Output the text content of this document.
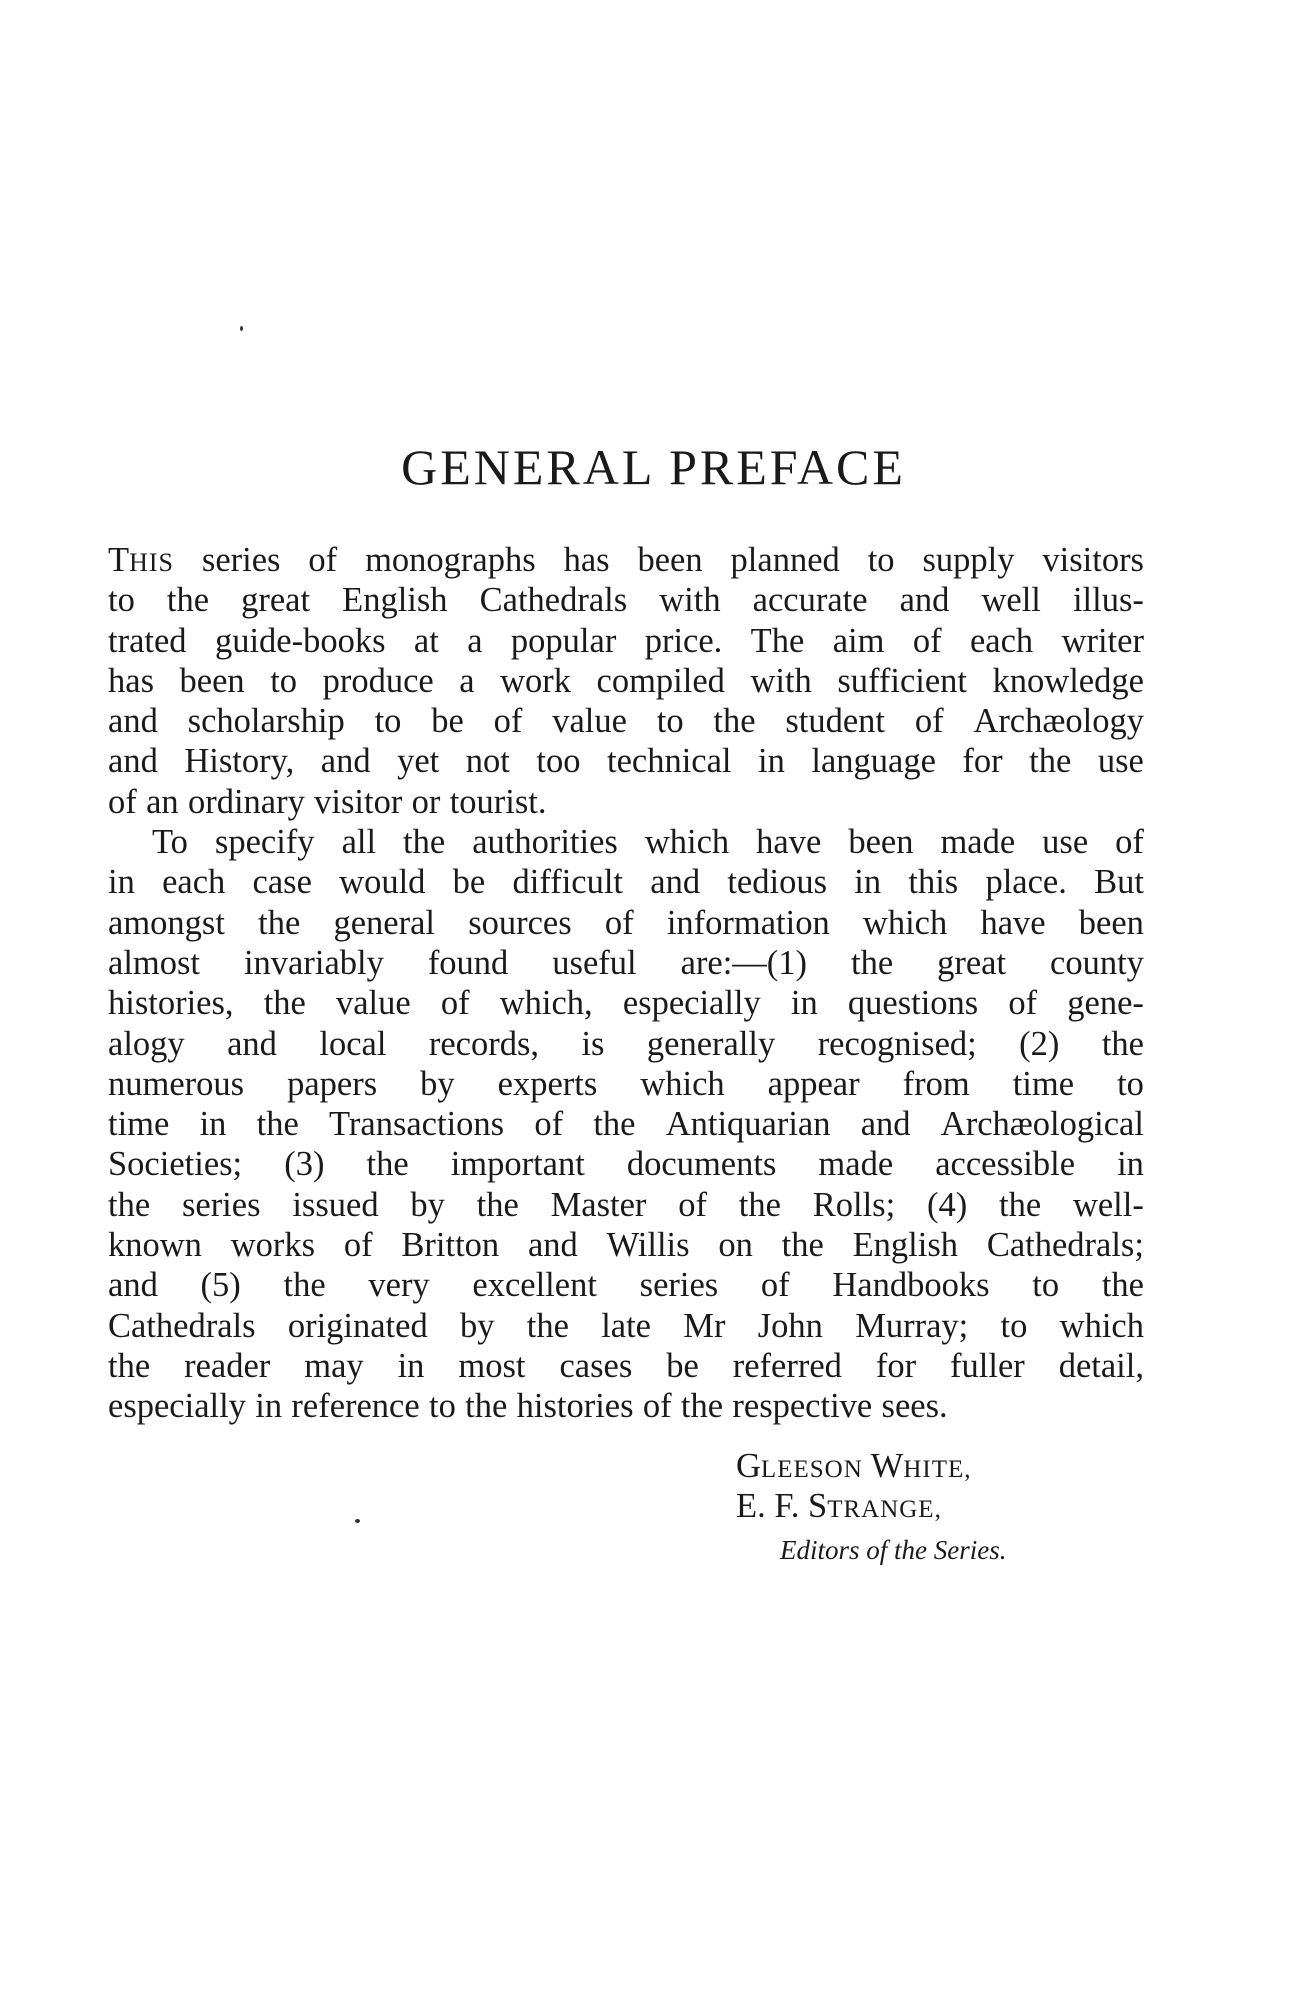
GENERAL PREFACE
THIS series of monographs has been planned to supply visitors
to the great English Cathedrals with accurate and well illus-
trated guide-books at a popular price. The aim of each writer
has been to produce a work compiled with sufficient knowledge
and scholarship to be of value to the student of Archæology
and History, and yet not too technical in language for the use
of an ordinary visitor or tourist.
To specify all the authorities which have been made use of
in each case would be difficult and tedious in this place. But
amongst the general sources of information which have been
almost invariably found useful are:—(1) the great county
histories, the value of which, especially in questions of gene-
alogy and local records, is generally recognised; (2) the
numerous papers by experts which appear from time to
time in the Transactions of the Antiquarian and Archæological
Societies; (3) the important documents made accessible in
the series issued by the Master of the Rolls; (4) the well-
known works of Britton and Willis on the English Cathedrals;
and (5) the very excellent series of Handbooks to the
Cathedrals originated by the late Mr John Murray; to which
the reader may in most cases be referred for fuller detail,
especially in reference to the histories of the respective sees.
GLEESON WHITE,
E. F. STRANGE,
Editors of the Series.
